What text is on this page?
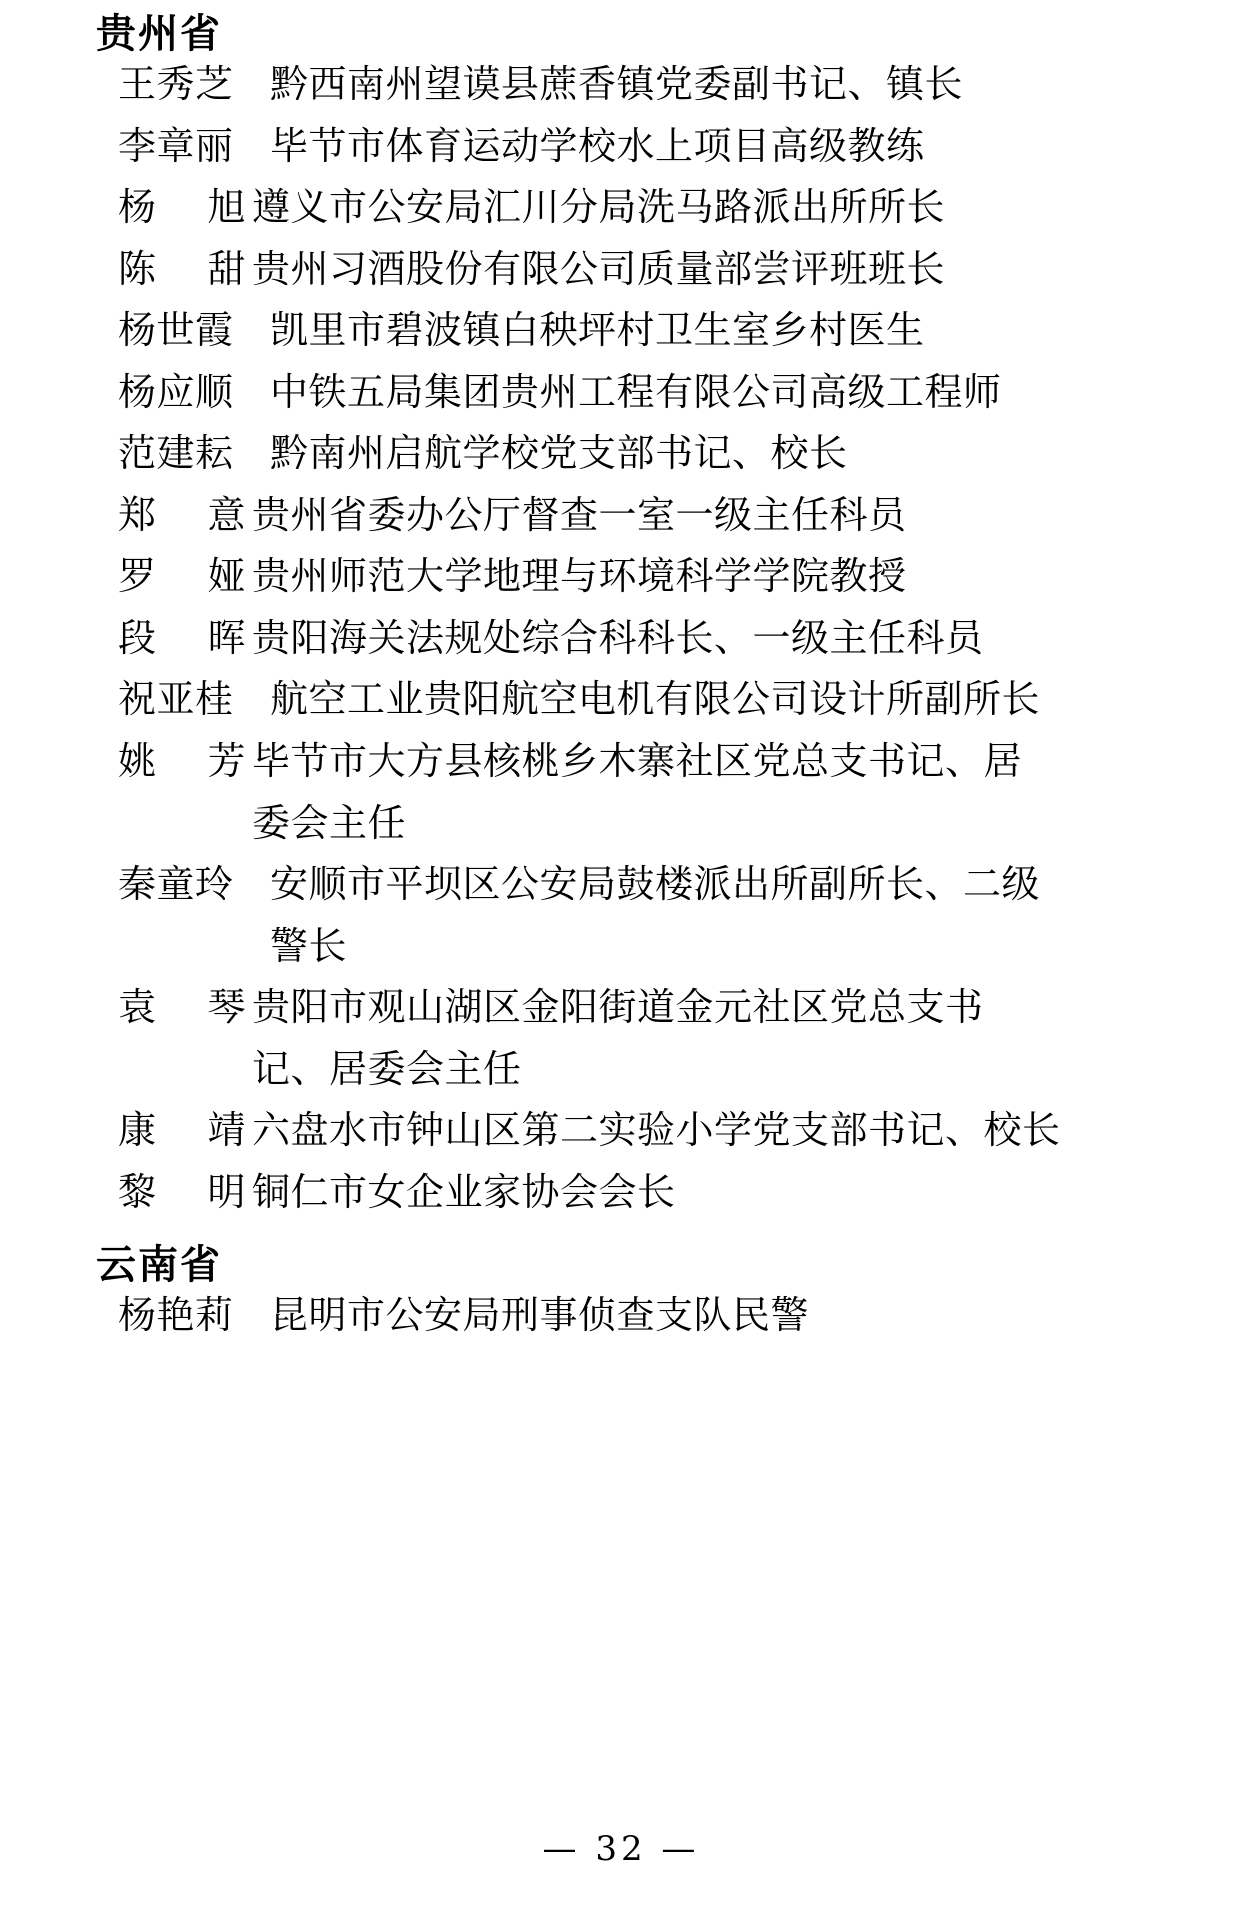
贵州省
王秀芝 黔西南州望谟县蔗香镇党委副书记、镇长
李章丽 毕节市体育运动学校水上项目高级教练
杨 旭 遵义市公安局汇川分局洗马路派出所所长
陈 甜 贵州习酒股份有限公司质量部尝评班班长
杨世霞 凯里市碧波镇白秧坪村卫生室乡村医生
杨应顺 中铁五局集团贵州工程有限公司高级工程师
范建耘 黔南州启航学校党支部书记、校长
郑 意 贵州省委办公厅督查一室一级主任科员
罗 娅 贵州师范大学地理与环境科学学院教授
段 晖 贵阳海关法规处综合科科长、一级主任科员
祝亚桂 航空工业贵阳航空电机有限公司设计所副所长
姚 芳 毕节市大方县核桃乡木寨社区党总支书记、居
委会主任
秦童玲 安顺市平坝区公安局鼓楼派出所副所长、二级
警长
袁 琴 贵阳市观山湖区金阳街道金元社区党总支书
记、居委会主任
康 靖 六盘水市钟山区第二实验小学党支部书记、校长
黎 明 铜仁市女企业家协会会长
云南省
杨艳莉 昆明市公安局刑事侦查支队民警
— 32 —
